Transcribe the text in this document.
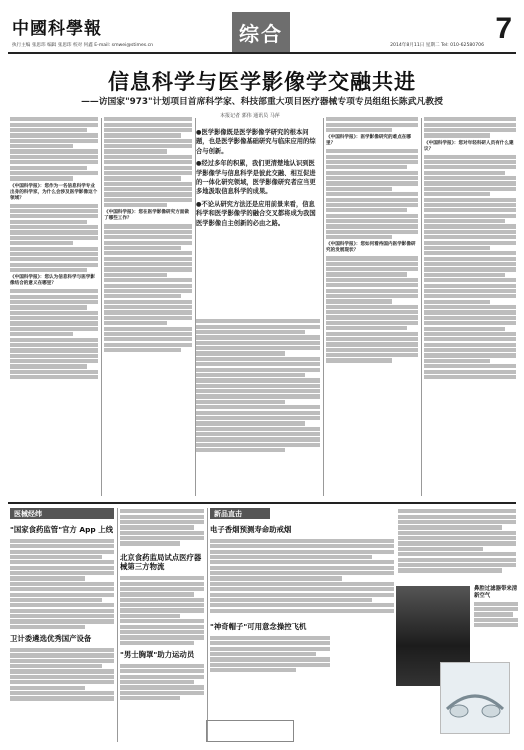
中國科學報
执行主编 张思玮 编辑 张思玮 校对 何鑫 E-mail: smwei@stimes.cn	综合	2014年8月11日 星期二 Tel: 010-62580706
7
信息科学与医学影像学交融共进
——访国家"973"计划项目首席科学家、科技部重大项目医疗器械专项专员组组长陈武凡教授
本报记者 郭伟 通讯员 马萍
《中国科学报》：您作为一名信息科学专业出身的科学家，为什么会涉及医学影像这个领域？
《中国科学报》：您认为信息科学与医学影像结合的意义在哪里？
《中国科学报》：您在医学影像研究方面做了哪些工作？

●医学影像既是医学影像学研究的根本问题，也是医学影像基础研究与临床应用的综合与创新。

●经过多年的积累，我们更清楚地认识到医学影像学与信息科学是彼此交融、相互促进的一体化研究领域，医学影像研究者应当更多地汲取信息科学的成果。

●不论从研究方法还是应用前景来看，信息科学和医学影像学的融合交叉都将成为我国医学影像自主创新的必由之路。

《中国科学报》：医学影像研究的难点在哪里？
《中国科学报》：您如何看待国内医学影像研究的发展现状？
《中国科学报》：您对年轻科研人员有什么建议？
医械经纬
"国家食药监管"官方 App 上线
卫计委遴选优秀国产设备
北京食药监局试点医疗器械第三方物流
"男士胸罩"助力运动员
新品直击
电子香烟预测寿命助戒烟
"神奇帽子"可用意念操控飞机
鼻腔过滤器带来清新空气
